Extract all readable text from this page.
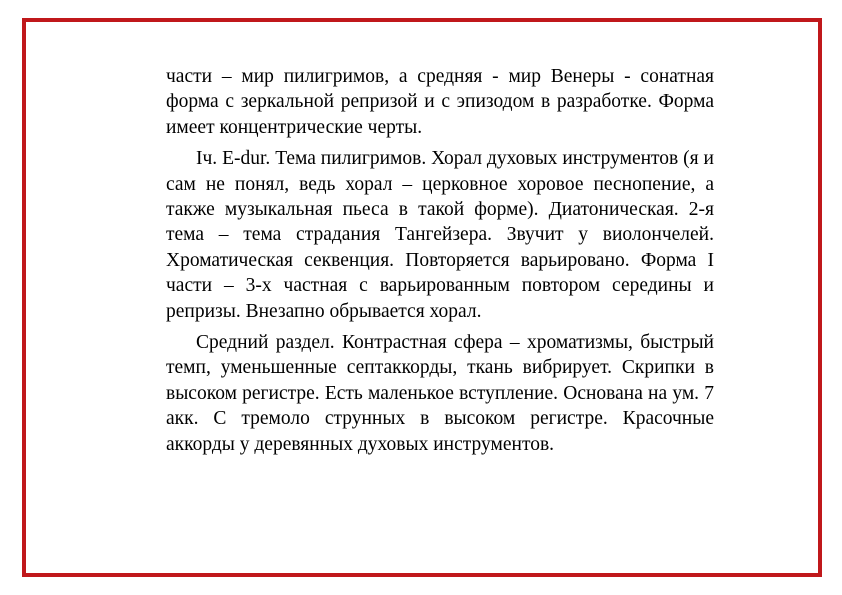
части – мир пилигримов, а средняя - мир Венеры - сонатная форма с зеркальной репризой и с эпизодом в разработке. Форма имеет концентрические черты.

Iч. E-dur. Тема пилигримов. Хорал духовых инструментов (я и сам не понял, ведь хорал – церковное хоровое песнопение, а также музыкальная пьеса в такой форме). Диатоническая. 2-я тема – тема страдания Тангейзера. Звучит у виолончелей. Хроматическая секвенция. Повторяется варьировано. Форма I части – 3-х частная с варьированным повтором середины и репризы. Внезапно обрывается хорал.

Средний раздел. Контрастная сфера – хроматизмы, быстрый темп, уменьшенные септаккорды, ткань вибрирует. Скрипки в высоком регистре. Есть маленькое вступление. Основана на ум. 7 акк. С тремоло струнных в высоком регистре. Красочные аккорды у деревянных духовых инструментов.
